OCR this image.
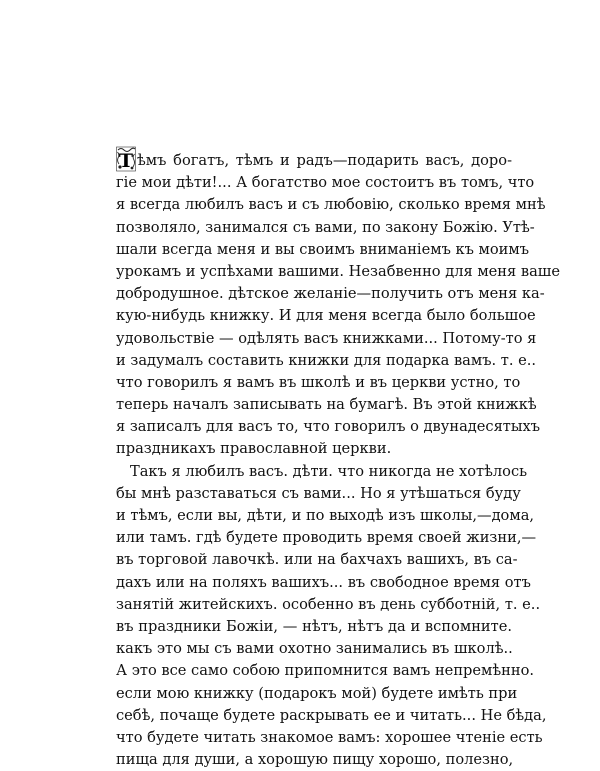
Т ѣмъ богатъ, тѣмъ и радъ—подарить васъ, доро-
гіе мои дѣти!... А богатство мое состоитъ въ томъ, что
я всегда любилъ васъ и съ любовію, сколько время мнѣ
позволяло, занимался съ вами, по закону Божію. Утѣ-
шали всегда меня и вы своимъ вниманіемъ къ моимъ
урокамъ и успѣхами вашими. Незабвенно для меня ваше
добродушное. дѣтское желаніе—получить отъ меня ка-
кую-нибудь книжку. И для меня всегда было большое
удовольствіе — одѣлять васъ книжками... Потому-то я
и задумалъ составить книжки для подарка вамъ. т. е..
что говорилъ я вамъ въ школѣ и въ церкви устно, то
теперь началъ записывать на бумагѣ. Въ этой книжкѣ
я записалъ для васъ то, что говорилъ о двунадесятыхъ
праздникахъ православной церкви.
Такъ я любилъ васъ. дѣти. что никогда не хотѣлось
бы мнѣ разставаться съ вами... Но я утѣшаться буду
и тѣмъ, если вы, дѣти, и по выходѣ изъ школы,—дома,
или тамъ. гдѣ будете проводить время своей жизни,—
въ торговой лавочкѣ. или на бахчахъ вашихъ, въ са-
дахъ или на поляхъ вашихъ... въ свободное время отъ
занятій житейскихъ. особенно въ день субботній, т. е..
въ праздники Божіи, — нѣтъ, нѣтъ да и вспомните.
какъ это мы съ вами охотно занимались въ школѣ..
А это все само собою припомнится вамъ непремѣнно.
если мою книжку (подарокъ мой) будете имѣть при
себѣ, почаще будете раскрывать ее и читать... Не бѣда,
что будете читать знакомое вамъ: хорошее чтеніе есть
пища для души, а хорошую пищу хорошо, полезно,
